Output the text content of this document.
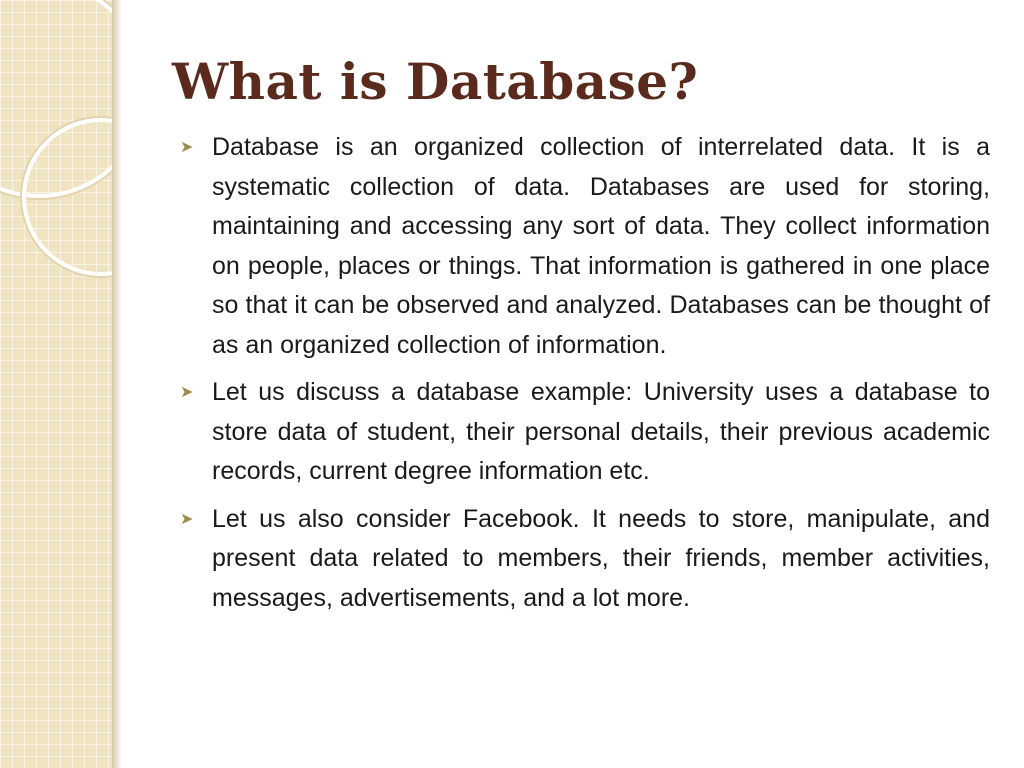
What is Database?
➤ Database is an organized collection of interrelated data. It is a systematic collection of data. Databases are used for storing, maintaining and accessing any sort of data. They collect information on people, places or things. That information is gathered in one place so that it can be observed and analyzed. Databases can be thought of as an organized collection of information.

➤ Let us discuss a database example: University uses a database to store data of student, their personal details, their previous academic records, current degree information etc.

➤ Let us also consider Facebook. It needs to store, manipulate, and present data related to members, their friends, member activities, messages, advertisements, and a lot more.
